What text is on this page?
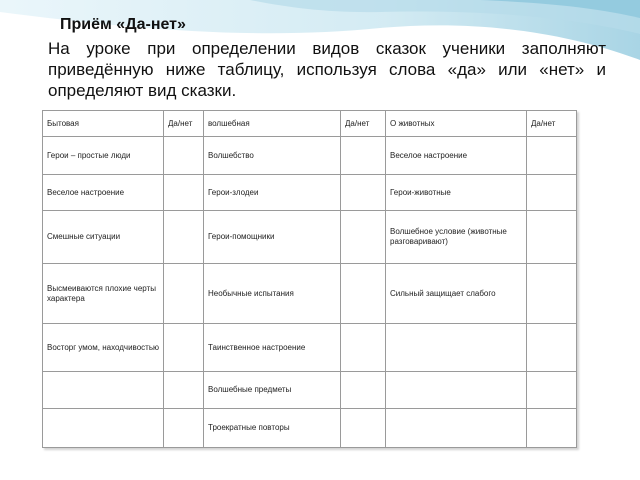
Приём «Да-нет»
На уроке при определении видов сказок ученики заполняют приведённую ниже таблицу, используя слова «да» или «нет» и определяют вид сказки.
Бытовая	Да/нет	волшебная	Да/нет	О животных	Да/нет
Герои – простые люди		Волшебство		Веселое настроение	
Веселое настроение		Герои-злодеи		Герои-животные	
Смешные ситуации		Герои-помощники		Волшебное условие (животные разговаривают)	
Высмеиваются плохие черты характера		Необычные испытания		Сильный защищает слабого	
Восторг умом, находчивостью		Таинственное настроение			
		Волшебные предметы			
		Троекратные повторы			
